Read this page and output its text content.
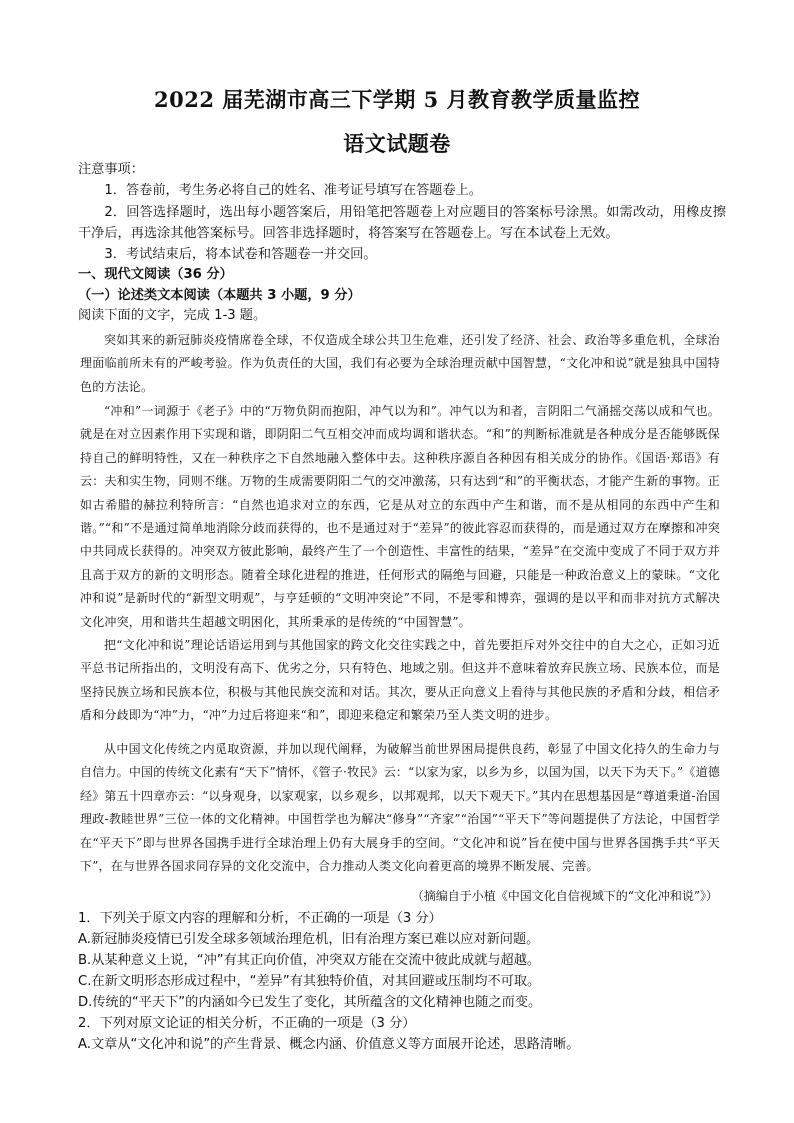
2022 届芜湖市高三下学期 5 月教育教学质量监控
语文试题卷
注意事项：
1．答卷前，考生务必将自己的姓名、准考证号填写在答题卷上。
2．回答选择题时，选出每小题答案后，用铅笔把答题卷上对应题目的答案标号涂黑。如需改动，用橡皮擦干净后，再选涂其他答案标号。回答非选择题时，将答案写在答题卷上。写在本试卷上无效。
3．考试结束后，将本试卷和答题卷一并交回。
一、现代文阅读（36 分）
（一）论述类文本阅读（本题共 3 小题，9 分）
阅读下面的文字，完成 1-3 题。
突如其来的新冠肺炎疫情席卷全球，不仅造成全球公共卫生危难，还引发了经济、社会、政治等多重危机，全球治理面临前所未有的严峻考验。作为负责任的大国，我们有必要为全球治理贡献中国智慧，“文化冲和说”就是独具中国特色的方法论。
“冲和”一词源于《老子》中的“万物负阴而抱阳，冲气以为和”。冲气以为和者，言阴阳二气涌摇交荡以成和气也。就是在对立因素作用下实现和谐，即阴阳二气互相交冲而成均调和谐状态。“和”的判断标准就是各种成分是否能够既保持自己的鲜明特性，又在一种秩序之下自然地融入整体中去。这种秩序源自各种因有相关成分的协作。《国语·郑语》有云：夫和实生物，同则不继。万物的生成需要阴阳二气的交冲激荡，只有达到“和”的平衡状态，才能产生新的事物。正如古希腊的赫拉利特所言：“自然也追求对立的东西，它是从对立的东西中产生和谐，而不是从相同的东西中产生和谐。”“和”不是通过简单地消除分歧而获得的，也不是通过对于“差异”的彼此容忍而获得的，而是通过双方在摩擦和冲突中共同成长获得的。冲突双方彼此影响，最终产生了一个创造性、丰富性的结果，“差异”在交流中变成了不同于双方并且高于双方的新的文明形态。随着全球化进程的推进，任何形式的隔绝与回避，只能是一种政治意义上的蒙昧。“文化冲和说”是新时代的“新型文明观”，与亨廷顿的“文明冲突论”不同，不是零和博弈，强调的是以平和而非对抗方式解决文化冲突，用和谐共生超越文明困化，其所秉承的是传统的“中国智慧”。
把“文化冲和说”理论话语运用到与其他国家的跨文化交往实践之中，首先要拒斥对外交往中的自大之心，正如习近平总书记所指出的，文明没有高下、优劣之分，只有特色、地域之别。但这并不意味着放弃民族立场、民族本位，而是坚持民族立场和民族本位，积极与其他民族交流和对话。其次，要从正向意义上看待与其他民族的矛盾和分歧，相信矛盾和分歧即为“冲”力，“冲”力过后将迎来“和”，即迎来稳定和繁荣乃至人类文明的进步。
从中国文化传统之内觅取资源，并加以现代阐释，为破解当前世界困局提供良药，彰显了中国文化持久的生命力与自信力。中国的传统文化素有“天下”情怀，《管子·牧民》云：“以家为家，以乡为乡，以国为国，以天下为天下。”《道德经》第五十四章亦云：“以身观身，以家观家，以乡观乡，以邦观邦，以天下观天下。”其内在思想基因是“尊道秉道-治国理政-教睦世界”三位一体的文化精神。中国哲学也为解决“修身”“齐家”“治国”“平天下”等问题提供了方法论，中国哲学在“平天下”即与世界各国携手进行全球治理上仍有大展身手的空间。“文化冲和说”旨在使中国与世界各国携手共“平天下”，在与世界各国求同存异的文化交流中，合力推动人类文化向着更高的境界不断发展、完善。
（摘编自于小植《中国文化自信视域下的“文化冲和说”》）
1．下列关于原文内容的理解和分析，不正确的一项是（3 分）
A.新冠肺炎疫情已引发全球多领域治理危机，旧有治理方案已难以应对新问题。
B.从某种意义上说，“冲”有其正向价值，冲突双方能在交流中彼此成就与超越。
C.在新文明形态形成过程中，“差异”有其独特价值，对其回避或压制均不可取。
D.传统的“平天下”的内涵如今已发生了变化，其所蕴含的文化精神也随之而变。
2．下列对原文论证的相关分析，不正确的一项是（3 分）
A.文章从“文化冲和说”的产生背景、概念内涵、价值意义等方面展开论述，思路清晰。
